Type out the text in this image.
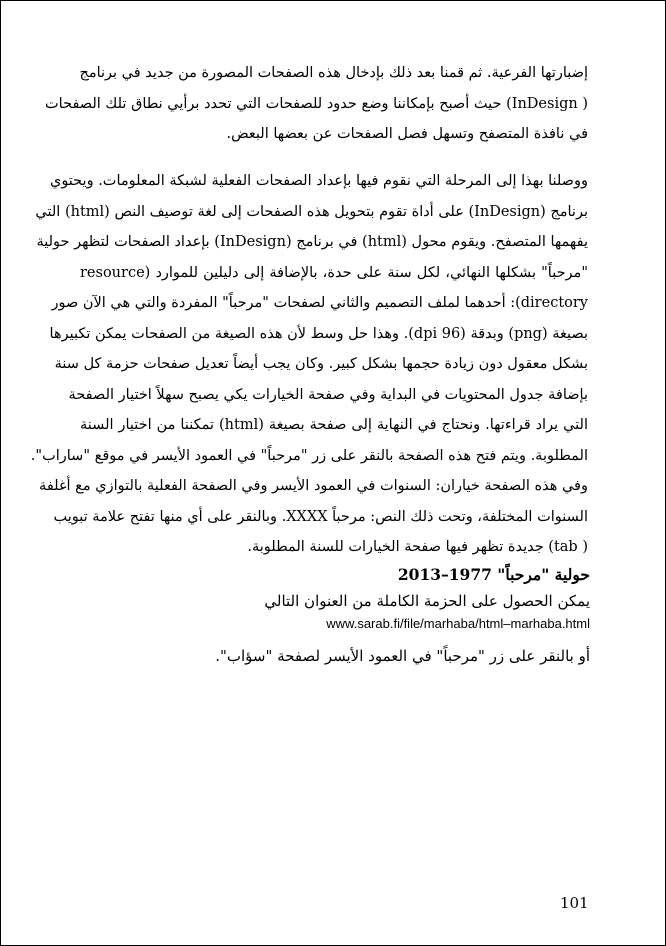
إضبارتها الفرعية. ثم قمنا بعد ذلك بإدخال هذه الصفحات المصورة من جديد في برنامج
( InDesign) حيث أصبح بإمكاننا وضع حدود للصفحات التي تحدد برأيي نطاق تلك الصفحات
في نافذة المتصفح وتسهل فصل الصفحات عن بعضها البعض.
ووصلنا بهذا إلى المرحلة التي نقوم فيها بإعداد الصفحات الفعلية لشبكة المعلومات. ويحتوي
برنامج (InDesign) على أداة تقوم بتحويل هذه الصفحات إلى لغة توصيف النص (html) التي
يفهمها المتصفح. ويقوم محول (html) في برنامج (InDesign) بإعداد الصفحات لتظهر حولية
"مرحباً" بشكلها النهائي، لكل سنة على حدة، بالإضافة إلى دليلين للموارد (resource
directory): أحدهما لملف التصميم والثاني لصفحات "مرحباً" المفردة والتي هي الآن صور
بصيغة (png) وبدقة (96 dpi). وهذا حل وسط لأن هذه الصيغة من الصفحات يمكن تكبيرها
بشكل معقول دون زيادة حجمها بشكل كبير. وكان يجب أيضاً تعديل صفحات حزمة كل سنة
بإضافة جدول المحتويات في البداية وفي صفحة الخيارات يكي يصبح سهلاً اختيار الصفحة
التي يراد قراءتها. ونحتاج في النهاية إلى صفحة بصيغة (html) تمكننا من اختيار السنة
المطلوبة. ويتم فتح هذه الصفحة بالنقر على زر "مرحباً" في العمود الأيسر في موقع "ساراب".
وفي هذه الصفحة خياران: السنوات في العمود الأيسر وفي الصفحة الفعلية بالتوازي مع أغلفة
السنوات المختلفة، وتحت ذلك النص: مرحباً XXXX. وبالنقر على أي منها تفتح علامة تبويب
( tab) جديدة تظهر فيها صفحة الخيارات للسنة المطلوبة.
حولية "مرحباً" 1977–2013
يمكن الحصول على الحزمة الكاملة من العنوان التالي
www.sarab.fi/file/marhaba/html–marhaba.html
أو بالنقر على زر "مرحباً" في العمود الأيسر لصفحة "سؤاب".
101
